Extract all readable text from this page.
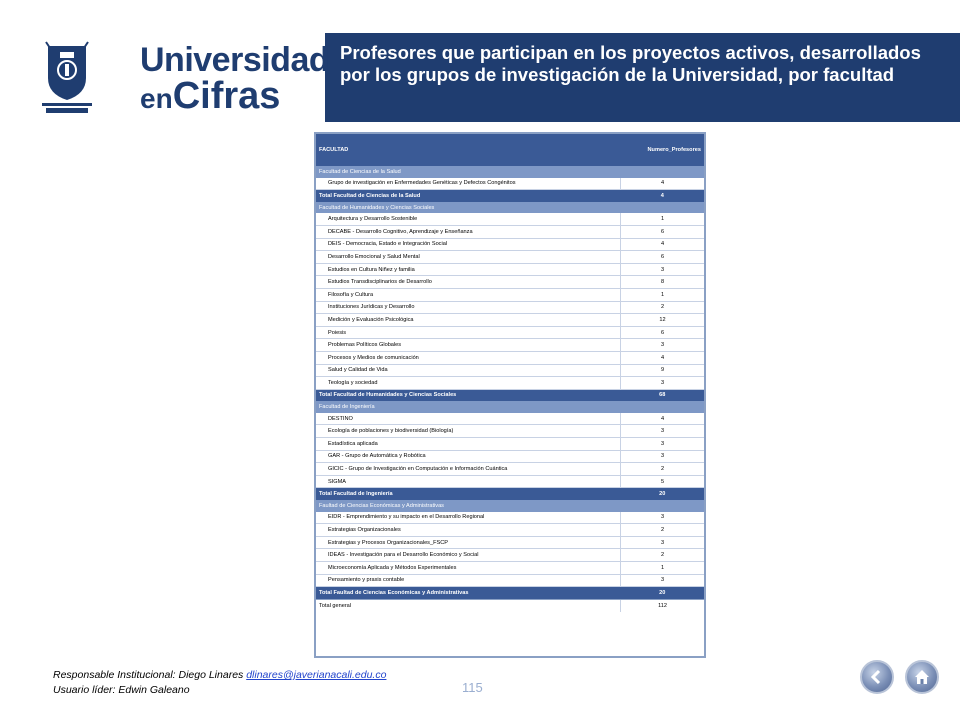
Universidad
enCifras
Profesores que participan en los proyectos activos, desarrollados por los grupos de investigación de la Universidad, por facultad
FACULTAD	Numero_Profesores
Facultad de Ciencias de la Salud	
Grupo de investigación en Enfermedades Genéticas y Defectos Congénitos	4
Total Facultad de Ciencias de la Salud	4
Facultad de Humanidades y Ciencias Sociales	
Arquitectura y Desarrollo Sostenible	1
DECABE - Desarrollo Cognitivo, Aprendizaje y Enseñanza	6
DEIS - Democracia, Estado e Integración Social	4
Desarrollo Emocional y Salud Mental	6
Estudios en Cultura Niñez y familia	3
Estudios Transdisciplinarios de Desarrollo	8
Filosofía y Cultura	1
Instituciones Jurídicas y Desarrollo	2
Medición y Evaluación Psicológica	12
Poiesis	6
Problemas Políticos Globales	3
Procesos y Medios de comunicación	4
Salud y Calidad de Vida	9
Teología y sociedad	3
Total Facultad de Humanidades y Ciencias Sociales	68
Facultad de Ingeniería	
DESTINO	4
Ecología de poblaciones y biodiversidad (Biología)	3
Estadística aplicada	3
GAR - Grupo de Automática y Robótica	3
GICIC - Grupo de Investigación en Computación e Información Cuántica	2
SIGMA	5
Total Facultad de Ingeniería	20
Faultad de Ciencias Económicas y Administrativas	
EIDR - Emprendimiento y su impacto en el Desarrollo Regional	3
Estrategias Organizacionales	2
Estrategias y Procesos Organizacionales_FSCP	3
IDEAS - Investigación para el Desarrollo Económico y Social	2
Microeconomía Aplicada y Métodos Experimentales	1
Pensamiento y praxis contable	3
Total Faultad de Ciencias Económicas y Administrativas	20
Total general	112
Responsable Institucional: Diego Linares dlinares@javerianacali.edu.co
Usuario líder: Edwin Galeano	115
